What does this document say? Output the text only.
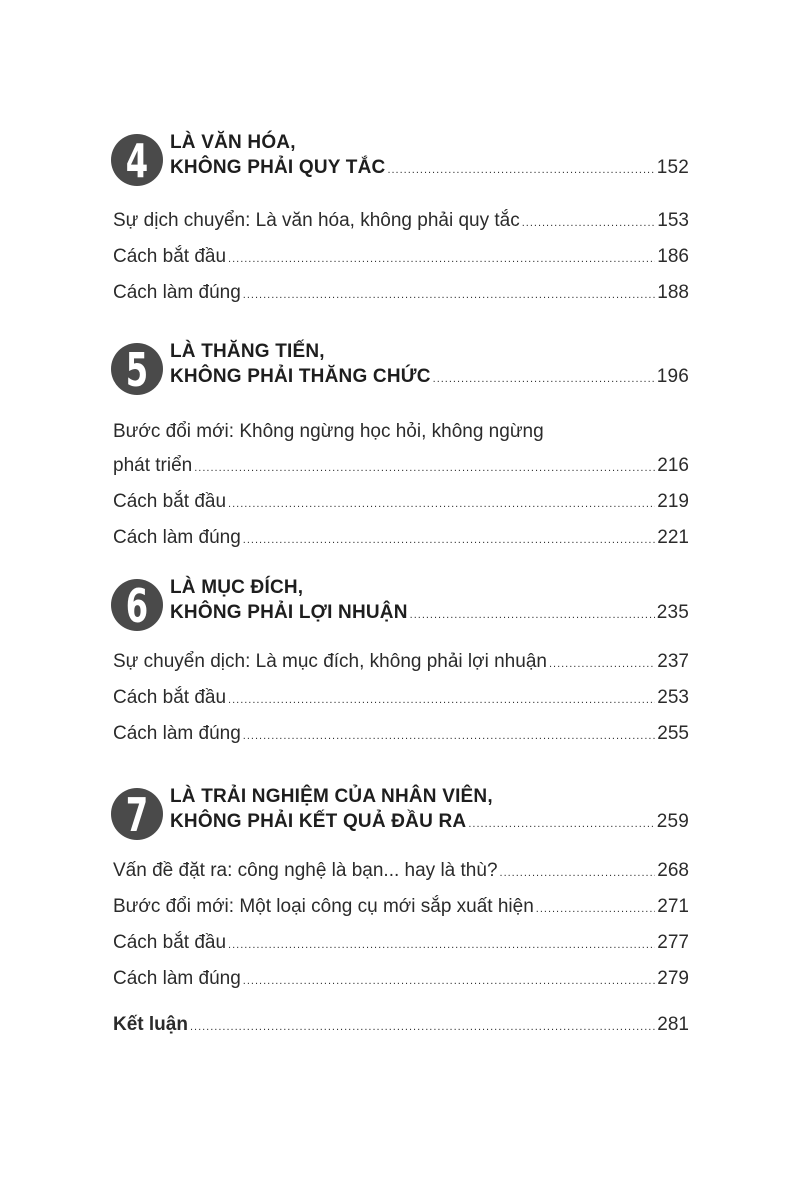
4	LÀ VĂN HÓA,
KHÔNG PHẢI QUY TẮC .....	152
Sự dịch chuyển: Là văn hóa, không phải quy tắc .....	153
Cách bắt đầu .....	186
Cách làm đúng .....	188
5	LÀ THĂNG TIẾN,
KHÔNG PHẢI THĂNG CHỨC .....	196
Bước đổi mới: Không ngừng học hỏi, không ngừng
phát triển .....	216
Cách bắt đầu .....	219
Cách làm đúng .....	221
6	LÀ MỤC ĐÍCH,
KHÔNG PHẢI LỢI NHUẬN .....	235
Sự chuyển dịch: Là mục đích, không phải lợi nhuận .....	237
Cách bắt đầu .....	253
Cách làm đúng .....	255
7	LÀ TRẢI NGHIỆM CỦA NHÂN VIÊN,
KHÔNG PHẢI KẾT QUẢ ĐẦU RA .....	259
Vấn đề đặt ra: công nghệ là bạn... hay là thù? .....	268
Bước đổi mới: Một loại công cụ mới sắp xuất hiện .....	271
Cách bắt đầu .....	277
Cách làm đúng .....	279
Kết luận .....	281
